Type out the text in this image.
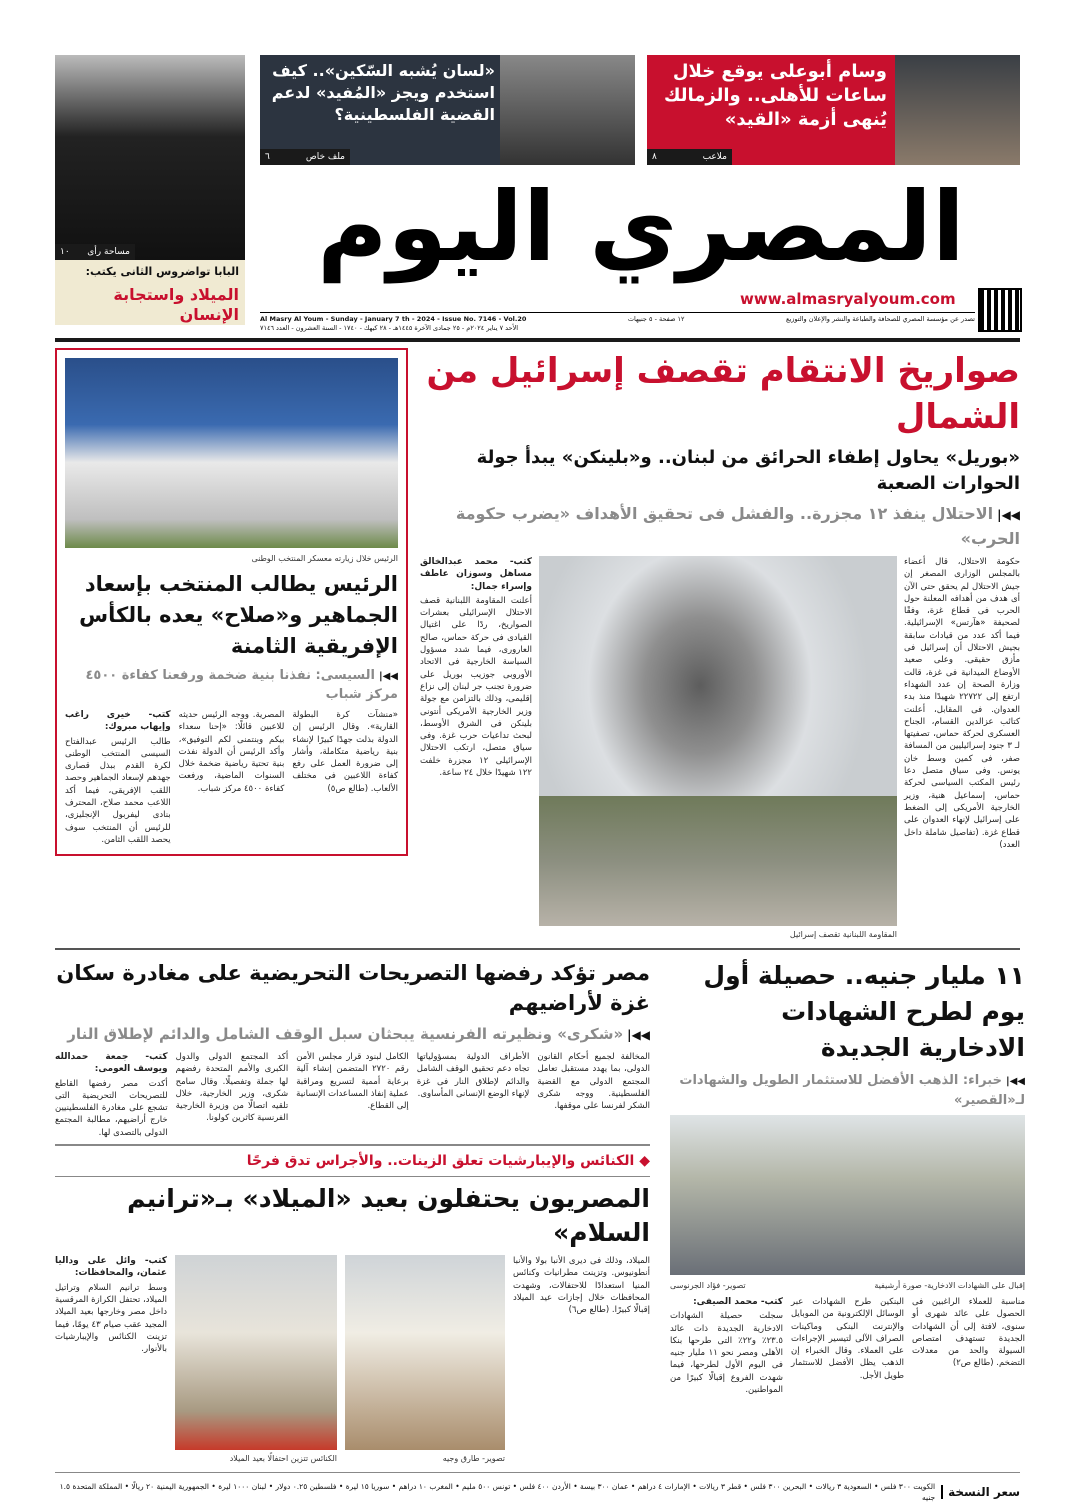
وسام أبوعلى يوقع خلال ساعات للأهلى.. والزمالك يُنهى أزمة «القيد»
٨	ملاعب
«لسان يُشبه السّكين».. كيف استخدم ويجز «المُفيد» لدعم القضية الفلسطينية؟
٦	ملف خاص
١٠ مساحة رأى
البابا تواضروس الثانى يكتب:
الميلاد واستجابة الإنسان
المصري اليوم
www.almasryalyoum.com
Al Masry Al Youm - Sunday - January 7 th - 2024 - Issue No. 7146 - Vol.20	١٢ صفحة - ٥ جنيهات	تصدر عن مؤسسة المصري للصحافة والطباعة والنشر والإعلان والتوزيع
الأحد ٧ يناير ٢٠٢٤م - ٢٥ جمادى الآخرة ١٤٤٥هـ - ٢٨ كيهك - ١٧٤٠ - السنة العشرون - العدد ٧١٤٦
الرئيس خلال زيارته معسكر المنتخب الوطنى
الرئيس يطالب المنتخب بإسعاد الجماهير و«صلاح» يعده بالكأس الإفريقية الثامنة
◀◀|السيسى: نفذنا بنية ضخمة ورفعنا كفاءة ٤٥٠٠ مركز شباب
كتب- خيرى راغب وإيهاب مبروك:
طالب الرئيس عبدالفتاح السيسى المنتخب الوطنى لكرة القدم ببذل قصارى جهدهم لإسعاد الجماهير وحصد اللقب الإفريقى، فيما أكد اللاعب محمد صلاح، المحترف بنادى ليفربول الإنجليزى، للرئيس أن المنتخب سوف يحصد اللقب الثامن.
المصرية. ووجه الرئيس حديثه للاعبين قائلًا: «إحنا سعداء بيكم وبنتمنى لكم التوفيق»، وأكد الرئيس أن الدولة نفذت بنية تحتية رياضية ضخمة خلال السنوات الماضية، ورفعت كفاءة ٤٥٠٠ مركز شباب.
«منشآت كرة البطولة القارية». وقال الرئيس إن الدولة بذلت جهدًا كبيرًا لإنشاء بنية رياضية متكاملة، وأشار إلى ضرورة العمل على رفع كفاءة اللاعبين فى مختلف الألعاب. (طالع ص٥)
صواريخ الانتقام تقصف إسرائيل من الشمال
«بوريل» يحاول إطفاء الحرائق من لبنان.. و«بلينكن» يبدأ جولة الحوارات الصعبة
◀◀|الاحتلال ينفذ ١٢ مجزرة.. والفشل فى تحقيق الأهداف «يضرب حكومة الحرب»
كتب- محمد عبدالخالق مساهل وسوزان عاطف وإسراء جمال:
أعلنت المقاومة اللبنانية قصف الاحتلال الإسرائيلى بعشرات الصواريخ، ردًا على اغتيال القيادى فى حركة حماس، صالح العارورى، فيما شدد مسؤول السياسة الخارجية فى الاتحاد الأوروبى جوزيب بوريل على ضرورة تجنب جر لبنان إلى نزاع إقليمى، وذلك بالتزامن مع جولة وزير الخارجية الأمريكى أنتونى بلينكن فى الشرق الأوسط، لبحث تداعيات حرب غزة. وفى سياق متصل، ارتكب الاحتلال الإسرائيلى ١٢ مجزرة خلفت ١٢٢ شهيدًا خلال ٢٤ ساعة.
المقاومة اللبنانية تقصف إسرائيل
حكومة الاحتلال، قال أعضاء بالمجلس الوزارى المصغر إن جيش الاحتلال لم يحقق حتى الآن أى هدف من أهدافه المعلنة حول الحرب فى قطاع غزة، وفقًا لصحيفة «هآرتس» الإسرائيلية. فيما أكد عدد من قيادات سابقة بجيش الاحتلال أن إسرائيل فى مأزق حقيقى. وعلى صعيد الأوضاع الميدانية فى غزة، قالت وزارة الصحة إن عدد الشهداء ارتفع إلى ٢٢٧٢٢ شهيدًا منذ بدء العدوان. فى المقابل، أعلنت كتائب عزالدين القسام، الجناح العسكرى لحركة حماس، تصفيتها لـ ٣ جنود إسرائيليين من المسافة صفر، فى كمين وسط خان يونس. وفى سياق متصل دعا رئيس المكتب السياسى لحركة حماس، إسماعيل هنية، وزير الخارجية الأمريكى إلى الضغط على إسرائيل لإنهاء العدوان على قطاع غزة. (تفاصيل شاملة داخل العدد)
مصر تؤكد رفضها التصريحات التحريضية على مغادرة سكان غزة لأراضيهم
◀◀|«شكرى» ونظيرته الفرنسية يبحثان سبل الوقف الشامل والدائم لإطلاق النار
كتب- جمعة حمدالله ويوسف العومى:
أكدت مصر رفضها القاطع للتصريحات التحريضية التى تشجع على مغادرة الفلسطينيين خارج أراضيهم، مطالبة المجتمع الدولى بالتصدى لها.
أكد المجتمع الدولى والدول الكبرى والأمم المتحدة رفضهم لها جملة وتفصيلًا. وقال سامح شكرى، وزير الخارجية، خلال تلقيه اتصالًا من وزيرة الخارجية الفرنسية كاثرين كولونا.
الكامل لبنود قرار مجلس الأمن رقم ٢٧٢٠ المتضمن إنشاء آلية برعاية أممية لتسريع ومراقبة عملية إنفاذ المساعدات الإنسانية إلى القطاع.
الأطراف الدولية بمسؤولياتها تجاه دعم تحقيق الوقف الشامل والدائم لإطلاق النار فى غزة لإنهاء الوضع الإنسانى المأساوى.
المخالفة لجميع أحكام القانون الدولى، بما يهدد مستقبل تعامل المجتمع الدولى مع القضية الفلسطينية. ووجه شكرى الشكر لفرنسا على موقفها.
◆ الكنائس والإيبارشيات تعلق الزينات.. والأجراس تدق فرحًا
المصريون يحتفلون بعيد «الميلاد» بـ«ترانيم السلام»
كتب- وائل على وداليا عثمان، والمحافظات:
وسط ترانيم السلام وتراتيل الميلاد، تحتفل الكرازة المرقسية داخل مصر وخارجها بعيد الميلاد المجيد عقب صيام ٤٣ يومًا، فيما تزينت الكنائس والإيبارشيات بالأنوار.
الكنائس تتزين احتفالًا بعيد الميلاد	تصوير- طارق وجيه
الميلاد، وذلك فى ديرى الأنبا بولا والأنبا أنطونيوس. وتزينت مطرانيات وكنائس المنيا استعدادًا للاحتفالات، وشهدت المحافظات خلال إجازات عيد الميلاد إقبالًا كبيرًا. (طالع ص٦)
١١ مليار جنيه.. حصيلة أول يوم لطرح الشهادات الادخارية الجديدة
◀◀|خبراء: الذهب الأفضل للاستثمار الطويل والشهادات لـ«القصير»
تصوير- فؤاد الجرنوسى	إقبال على الشهادات الادخارية- صورة أرشيفية
كتب- محمد الصيفى:
سجلت حصيلة الشهادات الادخارية الجديدة ذات عائد ٢٣.٥٪ و٢٢٪ التى طرحها بنكا الأهلى ومصر نحو ١١ مليار جنيه فى اليوم الأول لطرحها، فيما شهدت الفروع إقبالًا كبيرًا من المواطنين.
البنكين طرح الشهادات عبر الوسائل الإلكترونية من الموبايل والإنترنت البنكى وماكينات الصراف الآلى لتيسير الإجراءات على العملاء. وقال الخبراء إن الذهب يظل الأفضل للاستثمار طويل الأجل.
مناسبة للعملاء الراغبين فى الحصول على عائد شهرى أو سنوى، لافتة إلى أن الشهادات الجديدة تستهدف امتصاص السيولة والحد من معدلات التضخم. (طالع ص٢)
سعر النسخة
الكويت ٣٠٠ فلس • السعودية ٣ ريالات • البحرين ٣٠٠ فلس • قطر ٣ ريالات • الإمارات ٤ دراهم • عمان ٣٠٠ بيسة • الأردن ٤٠٠ فلس • تونس ٥٠٠ مليم • المغرب ١٠ دراهم • سوريا ١٥ ليرة • فلسطين ٠.٢٥ دولار • لبنان ١٠٠٠ ليرة • الجمهورية اليمنية ٢٠ ريالًا • المملكة المتحدة ١.٥ جنيه
